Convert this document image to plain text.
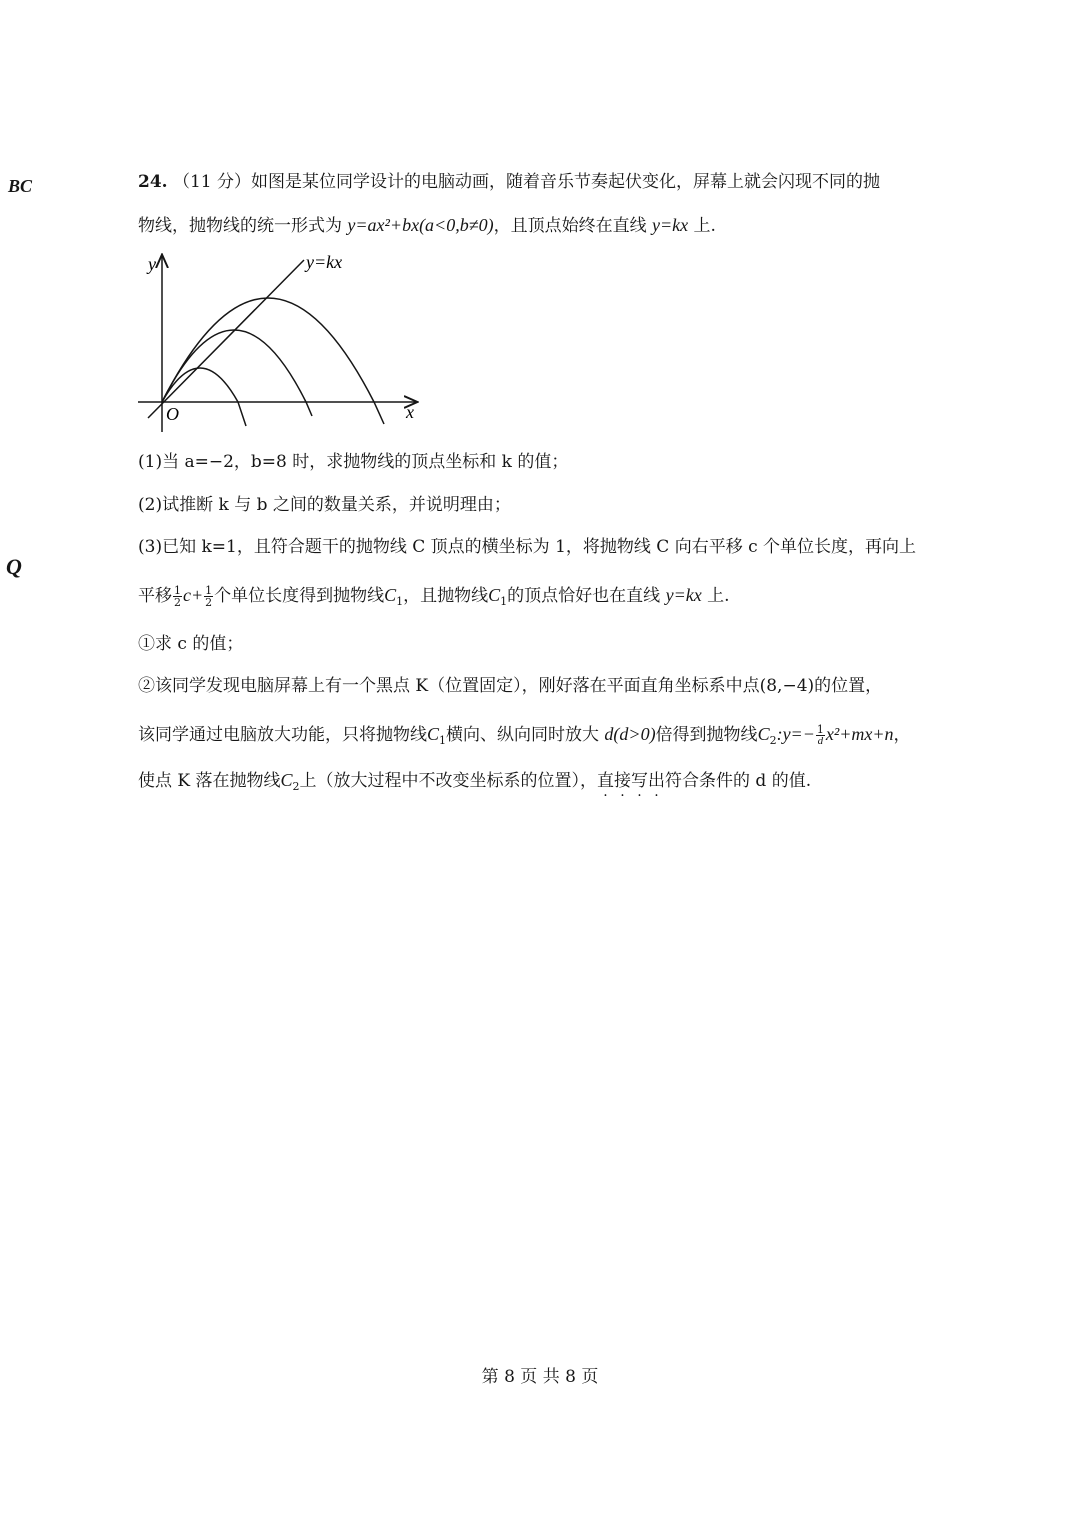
BC
Q
24. （11 分）如图是某位同学设计的电脑动画，随着音乐节奏起伏变化，屏幕上就会闪现不同的抛
物线，抛物线的统一形式为 y=ax²+bx(a<0,b≠0)，且顶点始终在直线 y=kx 上.
y
x
O
y=kx
(1)当 a=−2，b=8 时，求抛物线的顶点坐标和 k 的值；
(2)试推断 k 与 b 之间的数量关系，并说明理由；
(3)已知 k=1，且符合题干的抛物线 C 顶点的横坐标为 1，将抛物线 C 向右平移 c 个单位长度，再向上
平移 $\frac{1}{2} c+ \frac{1}{2}$ 个单位长度得到抛物线$C_1$，且抛物线$C_1$的顶点恰好也在直线 y=kx 上.
①求 c 的值；
②该同学发现电脑屏幕上有一个黑点 K（位置固定），刚好落在平面直角坐标系中点(8,−4)的位置，
该同学通过电脑放大功能，只将抛物线$C_1$横向、纵向同时放大 d(d>0)倍得到抛物线$C_2:y=- \frac{1}{d} x^2+mx+n$，
使点 K 落在抛物线$C_2$上（放大过程中不改变坐标系的位置），直接写出符合条件的 d 的值.
第 8 页 共 8 页
